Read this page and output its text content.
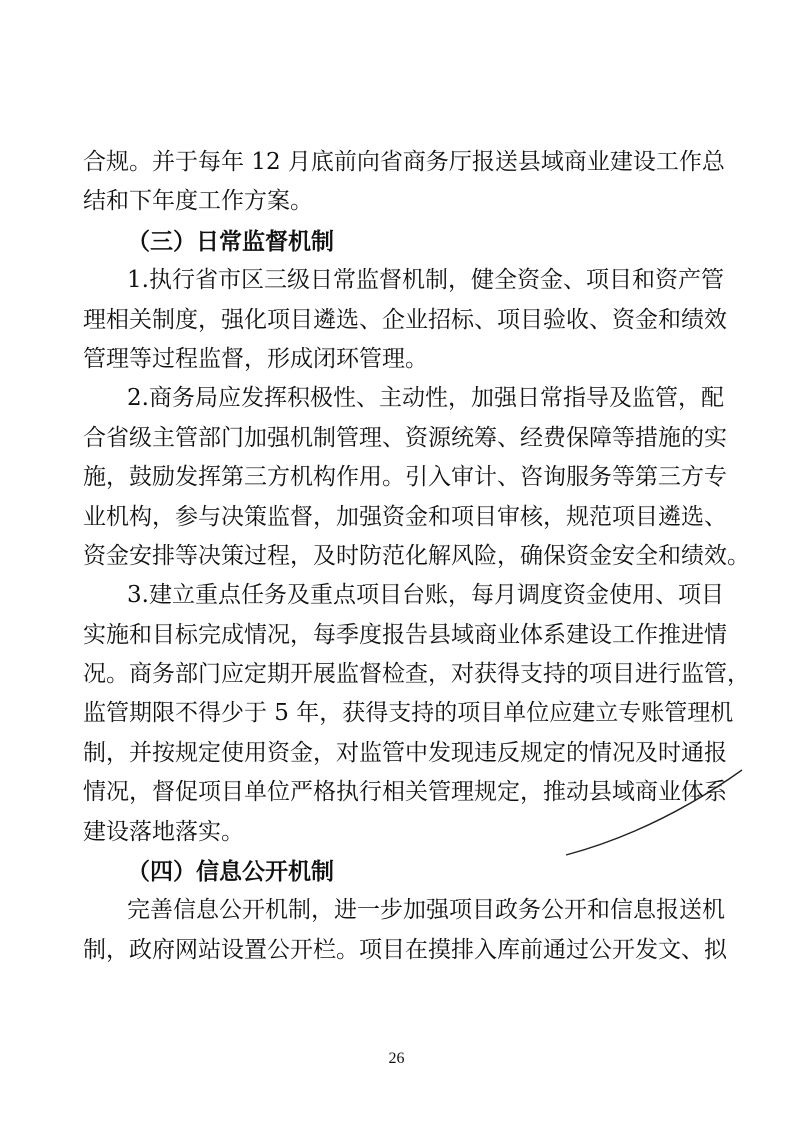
合规。并于每年 12 月底前向省商务厅报送县域商业建设工作总
结和下年度工作方案。
（三）日常监督机制
1.执行省市区三级日常监督机制，健全资金、项目和资产管
理相关制度，强化项目遴选、企业招标、项目验收、资金和绩效
管理等过程监督，形成闭环管理。
2.商务局应发挥积极性、主动性，加强日常指导及监管，配
合省级主管部门加强机制管理、资源统筹、经费保障等措施的实
施，鼓励发挥第三方机构作用。引入审计、咨询服务等第三方专
业机构，参与决策监督，加强资金和项目审核，规范项目遴选、
资金安排等决策过程，及时防范化解风险，确保资金安全和绩效。
3.建立重点任务及重点项目台账，每月调度资金使用、项目
实施和目标完成情况，每季度报告县域商业体系建设工作推进情
况。商务部门应定期开展监督检查，对获得支持的项目进行监管，
监管期限不得少于 5 年，获得支持的项目单位应建立专账管理机
制，并按规定使用资金，对监管中发现违反规定的情况及时通报
情况，督促项目单位严格执行相关管理规定，推动县域商业体系
建设落地落实。
（四）信息公开机制
完善信息公开机制，进一步加强项目政务公开和信息报送机
制，政府网站设置公开栏。项目在摸排入库前通过公开发文、拟
26
